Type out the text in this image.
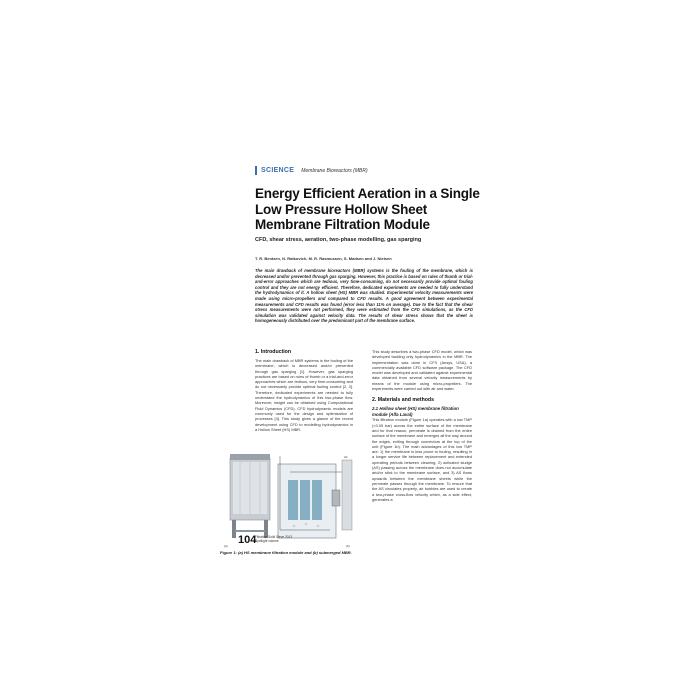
SCIENCE Membrane Bioreactors (MBR)
Energy Efficient Aeration in a Single Low Pressure Hollow Sheet Membrane Filtration Module
CFD, shear stress, aeration, two-phase modelling, gas sparging
T. R. Bentzen, N. Ratkovich, M. R. Rasmussen, S. Madsen and J. Nielsen
The main drawback of membrane bioreactors (MBR) systems is the fouling of the membrane, which is decreased and/or prevented through gas sparging. However, this practice is based on rules of thumb or trial-and-error approaches which are tedious, very time-consuming, do not necessarily provide optimal fouling control and they are not energy efficient. Therefore, dedicated experiments are needed to fully understand the hydrodynamics of it. A hollow sheet (HS) MBR was studied. Experimental velocity measurements were made using micro-propellers and compared to CFD results. A good agreement between experimental measurements and CFD results was found (error less than 11% on average). Due to the fact that the shear stress measurements were not performed, they were estimated from the CFD simulations, as the CFD simulation was validated against velocity data. The results of shear stress shows that the sheet is homogeneously distributed over the predominant part of the membrane surface.
1. Introduction
The main drawback of MBR systems is the fouling of the membrane, which is decreased and/or prevented through gas sparging [1]. However, gas sparging practices are based on rules of thumb or a trial-and-error approaches which are tedious, very time-consuming and do not necessarily provide optimal fouling control [2, 3]. Therefore, dedicated experiments are needed to fully understand the hydrodynamics of this two-phase flow. Moreover, insight can be obtained using Computational Fluid Dynamics (CFD). CFD hydrodynamic models are commonly used for the design and optimisation of processes [4]. This study gives a glance of the recent development using CFD to modelling hydrodynamics in a Hollow Sheet (HS) MBR.
This study describes a two-phase CFD model, which was developed tackling only hydrodynamics in the MBR. The implementation was done in CFX (Ansys, USA), a commercially available CFD software package. The CFD model was developed and validated against experimental data obtained from several velocity measurements by means of the module using micro-propellers. The experiments were carried out with air and water.
2. Materials and methods
2.1 Hollow sheet (HS) membrane filtration module (Alfa Laval)
This filtration module (Figure 1a) operates with a low TMP (<0.05 bar) across the entire surface of the membrane and for that reason, permeate is drained from the entire surface of the membrane and emerges all the way around the edges, exiting through connectors at the top of the unit (Figure 1b). The main advantages of this low TMP are: 1) the membrane is less prone to fouling, resulting in a longer service life between replacement and extended operating periods between cleaning, 2) activated sludge (AS) passing across the membrane does not accumulate and/or stick to the membrane surface, and 3) AS flows upwards between the membrane sheets while the permeate passes through the membrane. To ensure that the AS circulates properly, air bubbles are used to create a two-phase cross-flow velocity which, as a side effect, generates a
(a)
Air
(b)
Figure 1: (a) HS membrane filtration module and (b) submerged MBR.
104
Filtration Solid Sieve 2013
Spotlight volume
